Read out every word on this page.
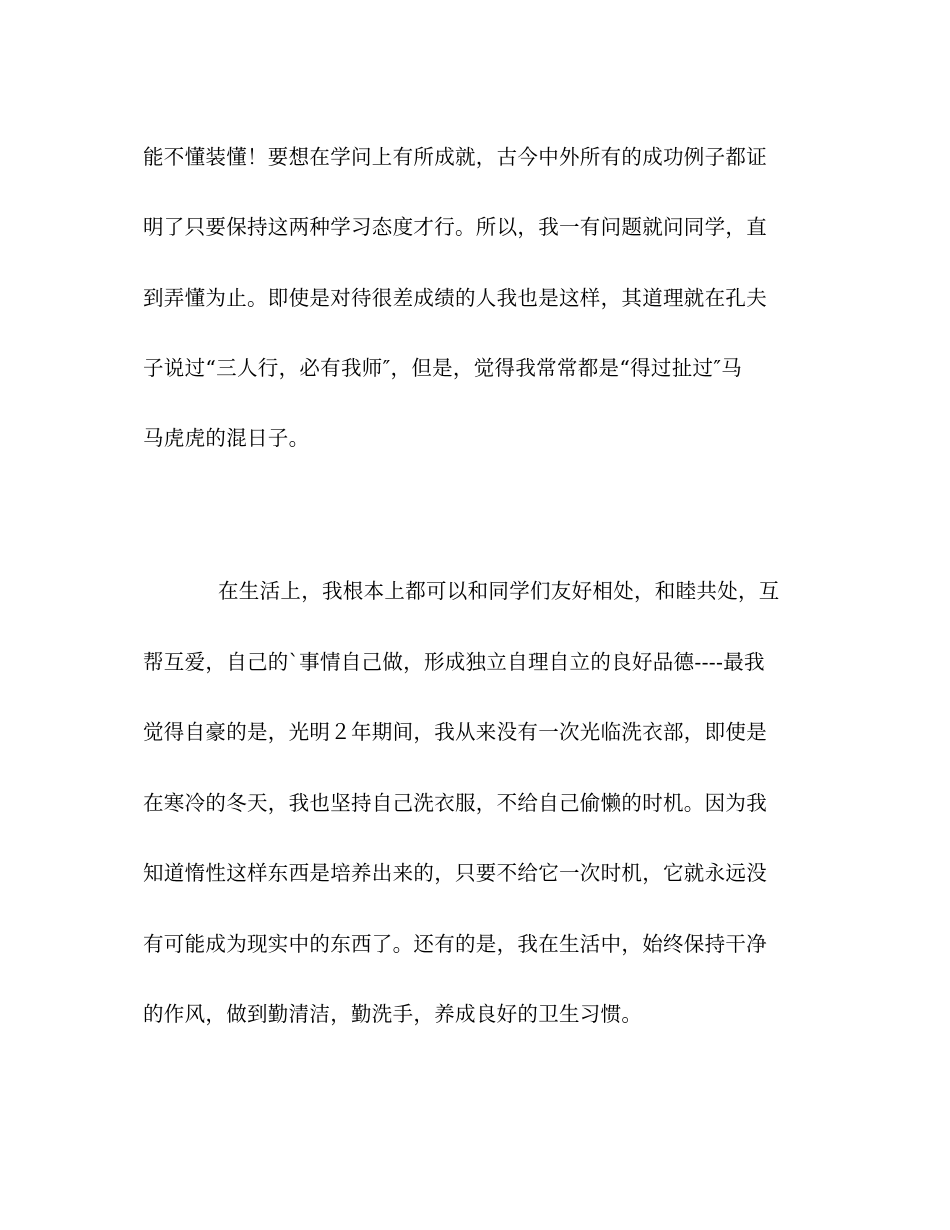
能不懂装懂！要想在学问上有所成就，古今中外所有的成功例子都证
明了只要保持这两种学习态度才行。所以，我一有问题就问同学，直
到弄懂为止。即使是对待很差成绩的人我也是这样，其道理就在孔夫
子说过“三人行，必有我师″，但是，觉得我常常都是“得过扯过″马
马虎虎的混日子。
在生活上，我根本上都可以和同学们友好相处，和睦共处，互
帮互爱，自己的`事情自己做，形成独立自理自立的良好品德----最我
觉得自豪的是，光明２年期间，我从来没有一次光临洗衣部，即使是
在寒冷的冬天，我也坚持自己洗衣服，不给自己偷懒的时机。因为我
知道惰性这样东西是培养出来的，只要不给它一次时机，它就永远没
有可能成为现实中的东西了。还有的是，我在生活中，始终保持干净
的作风，做到勤清洁，勤洗手，养成良好的卫生习惯。
